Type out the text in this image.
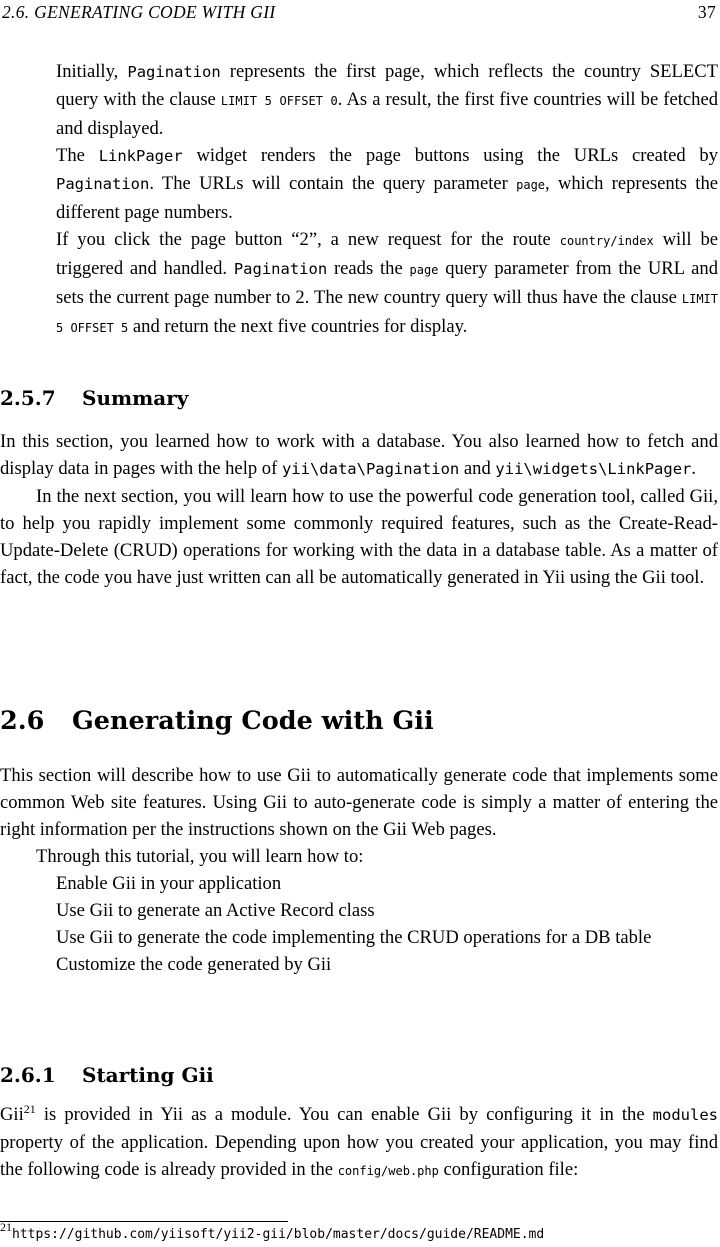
2.6. GENERATING CODE WITH GII	37

Initially, Pagination represents the first page, which reflects the country SELECT query with the clause LIMIT 5 OFFSET 0. As a result, the first five countries will be fetched and displayed.

The LinkPager widget renders the page buttons using the URLs created by Pagination. The URLs will contain the query parameter page, which represents the different page numbers.

If you click the page button “2”, a new request for the route country/index will be triggered and handled. Pagination reads the page query parameter from the URL and sets the current page number to 2. The new country query will thus have the clause LIMIT 5 OFFSET 5 and return the next five countries for display.

2.5.7 Summary

In this section, you learned how to work with a database. You also learned how to fetch and display data in pages with the help of yii\data\Pagination and yii\widgets\LinkPager.

In the next section, you will learn how to use the powerful code generation tool, called Gii, to help you rapidly implement some commonly required features, such as the Create-Read-Update-Delete (CRUD) operations for working with the data in a database table. As a matter of fact, the code you have just written can all be automatically generated in Yii using the Gii tool.

2.6 Generating Code with Gii

This section will describe how to use Gii to automatically generate code that implements some common Web site features. Using Gii to auto-generate code is simply a matter of entering the right information per the instructions shown on the Gii Web pages.

Through this tutorial, you will learn how to:

Enable Gii in your application

Use Gii to generate an Active Record class

Use Gii to generate the code implementing the CRUD operations for a DB table

Customize the code generated by Gii

2.6.1 Starting Gii

Gii$^{21}$ is provided in Yii as a module. You can enable Gii by configuring it in the modules property of the application. Depending upon how you created your application, you may find the following code is already provided in the config/web.php configuration file:

$^{21}$https://github.com/yiisoft/yii2-gii/blob/master/docs/guide/README.md
